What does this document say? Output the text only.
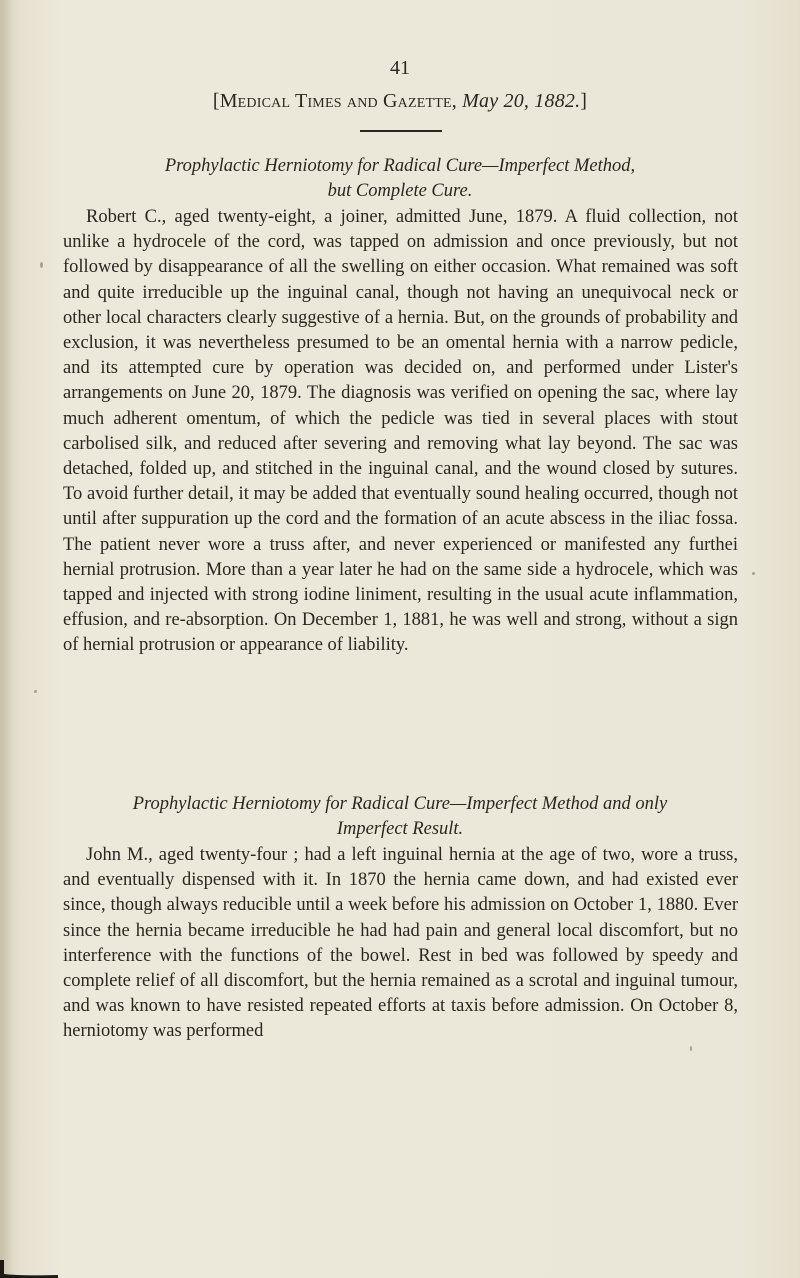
41
[Medical Times and Gazette, May 20, 1882.]
Prophylactic Herniotomy for Radical Cure—Imperfect Method,
but Complete Cure.

Robert C., aged twenty-eight, a joiner, admitted June, 1879. A fluid collection, not unlike a hydrocele of the cord, was tapped on admission and once previously, but not followed by disappearance of all the swelling on either occasion. What remained was soft and quite irreducible up the inguinal canal, though not having an unequivocal neck or other local characters clearly suggestive of a hernia. But, on the grounds of probability and exclusion, it was nevertheless presumed to be an omental hernia with a narrow pedicle, and its attempted cure by operation was decided on, and performed under Lister's arrangements on June 20, 1879. The diagnosis was verified on opening the sac, where lay much adherent omentum, of which the pedicle was tied in several places with stout carbolised silk, and reduced after severing and removing what lay beyond. The sac was detached, folded up, and stitched in the inguinal canal, and the wound closed by sutures. To avoid further detail, it may be added that eventually sound healing occurred, though not until after suppuration up the cord and the formation of an acute abscess in the iliac fossa. The patient never wore a truss after, and never experienced or manifested any furthei hernial protrusion. More than a year later he had on the same side a hydrocele, which was tapped and injected with strong iodine liniment, resulting in the usual acute inflammation, effusion, and re-absorption. On December 1, 1881, he was well and strong, without a sign of hernial protrusion or appearance of liability.

Prophylactic Herniotomy for Radical Cure—Imperfect Method and only
Imperfect Result.

John M., aged twenty-four ; had a left inguinal hernia at the age of two, wore a truss, and eventually dispensed with it. In 1870 the hernia came down, and had existed ever since, though always reducible until a week before his admission on October 1, 1880. Ever since the hernia became irreducible he had had pain and general local discomfort, but no interference with the functions of the bowel. Rest in bed was followed by speedy and complete relief of all discomfort, but the hernia remained as a scrotal and inguinal tumour, and was known to have resisted repeated efforts at taxis before admission. On October 8, herniotomy was performed
